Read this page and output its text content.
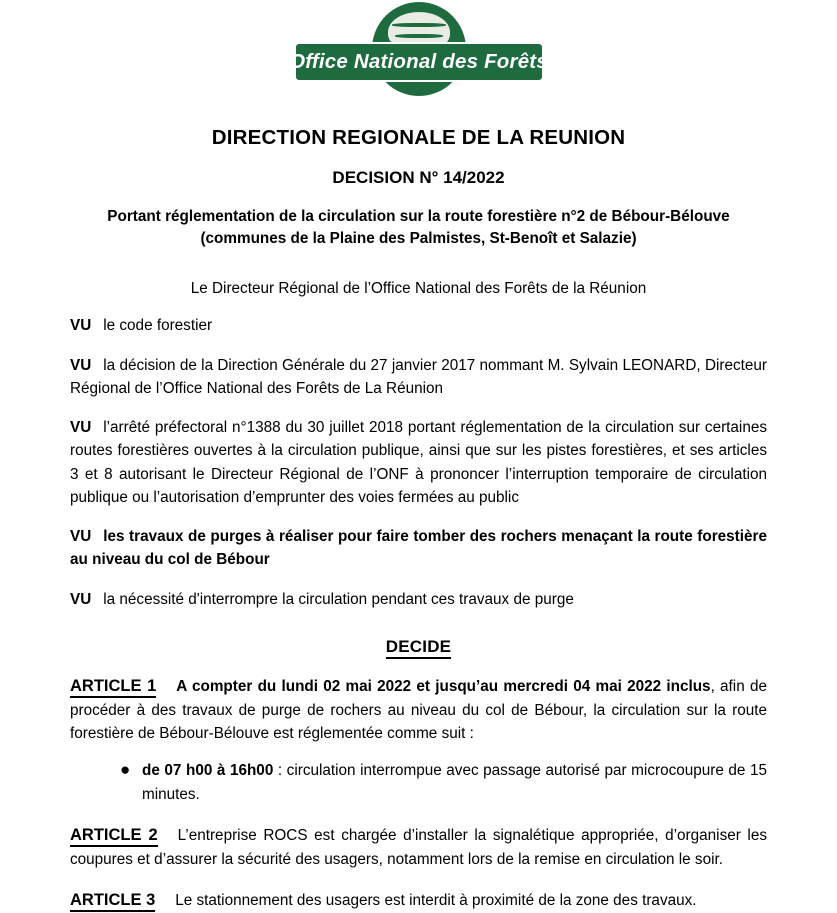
Office National des Forêts
DIRECTION REGIONALE DE LA REUNION
DECISION N° 14/2022
Portant réglementation de la circulation sur la route forestière n°2 de Bébour-Bélouve (communes de la Plaine des Palmistes, St-Benoît et Salazie)
Le Directeur Régional de l’Office National des Forêts de la Réunion
VU le code forestier
VU la décision de la Direction Générale du 27 janvier 2017 nommant M. Sylvain LEONARD, Directeur Régional de l’Office National des Forêts de La Réunion
VU l’arrêté préfectoral n°1388 du 30 juillet 2018 portant réglementation de la circulation sur certaines routes forestières ouvertes à la circulation publique, ainsi que sur les pistes forestières, et ses articles 3 et 8 autorisant le Directeur Régional de l’ONF à prononcer l’interruption temporaire de circulation publique ou l’autorisation d’emprunter des voies fermées au public
VU les travaux de purges à réaliser pour faire tomber des rochers menaçant la route forestière au niveau du col de Bébour
VU la nécessité d'interrompre la circulation pendant ces travaux de purge
DECIDE
ARTICLE 1 A compter du lundi 02 mai 2022 et jusqu’au mercredi 04 mai 2022 inclus, afin de procéder à des travaux de purge de rochers au niveau du col de Bébour, la circulation sur la route forestière de Bébour-Bélouve est réglementée comme suit :
● de 07 h00 à 16h00 : circulation interrompue avec passage autorisé par microcoupure de 15 minutes.
ARTICLE 2 L’entreprise ROCS est chargée d’installer la signalétique appropriée, d’organiser les coupures et d’assurer la sécurité des usagers, notamment lors de la remise en circulation le soir.
ARTICLE 3 Le stationnement des usagers est interdit à proximité de la zone des travaux.
